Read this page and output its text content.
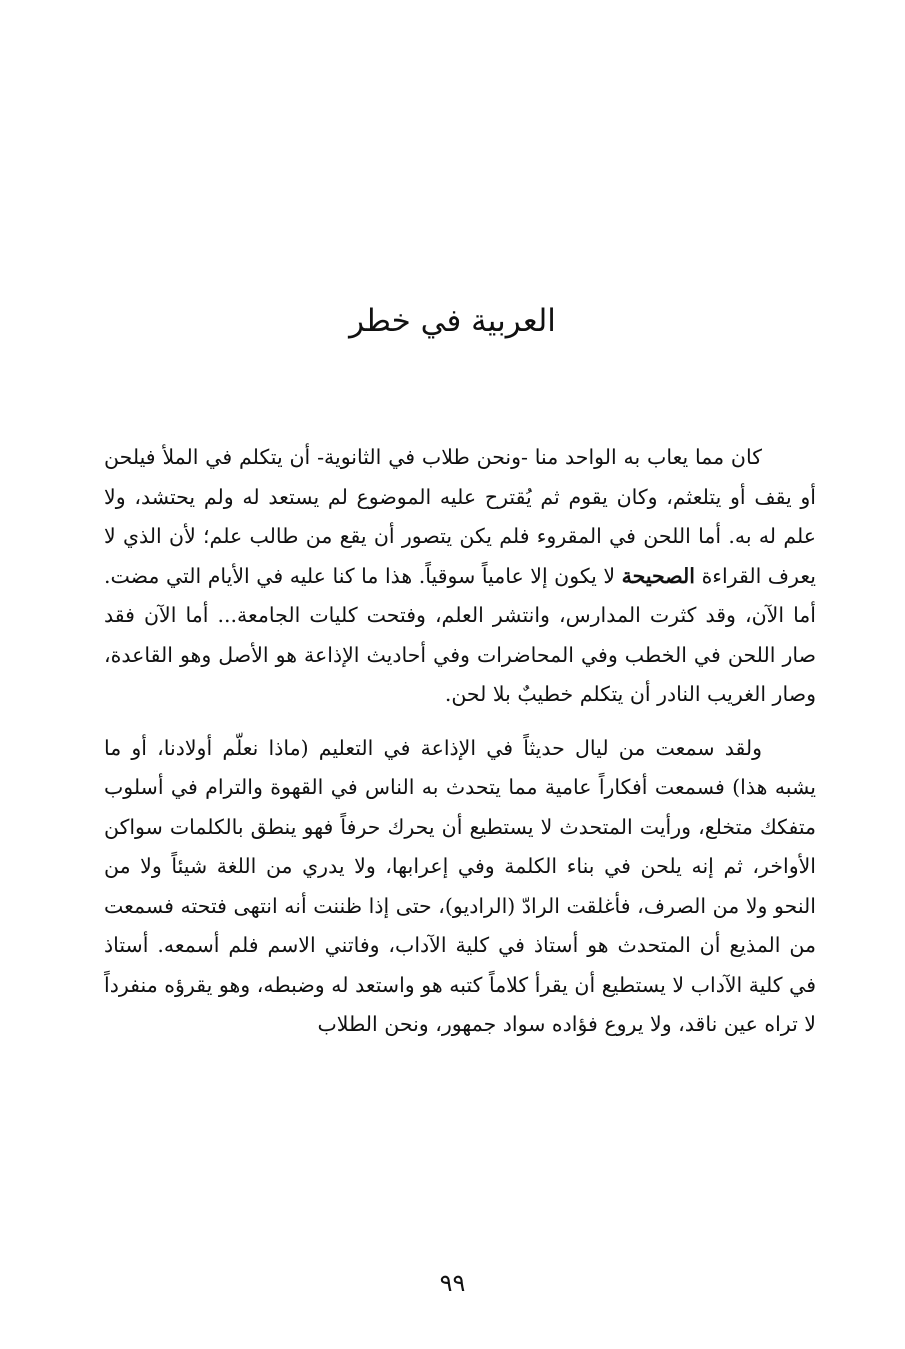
العربية في خطر

كان مما يعاب به الواحد منا -ونحن طلاب في الثانوية- أن يتكلم في الملأ فيلحن أو يقف أو يتلعثم، وكان يقوم ثم يُقترح عليه الموضوع لم يستعد له ولم يحتشد، ولا علم له به. أما اللحن في المقروء فلم يكن يتصور أن يقع من طالب علم؛ لأن الذي لا يعرف القراءة الصحيحة لا يكون إلا عامياً سوقياً. هذا ما كنا عليه في الأيام التي مضت. أما الآن، وقد كثرت المدارس، وانتشر العلم، وفتحت كليات الجامعة... أما الآن فقد صار اللحن في الخطب وفي المحاضرات وفي أحاديث الإذاعة هو الأصل وهو القاعدة، وصار الغريب النادر أن يتكلم خطيبٌ بلا لحن.

ولقد سمعت من ليال حديثاً في الإذاعة في التعليم (ماذا نعلّم أولادنا، أو ما يشبه هذا) فسمعت أفكاراً عامية مما يتحدث به الناس في القهوة والترام في أسلوب متفكك متخلع، ورأيت المتحدث لا يستطيع أن يحرك حرفاً فهو ينطق بالكلمات سواكن الأواخر، ثم إنه يلحن في بناء الكلمة وفي إعرابها، ولا يدري من اللغة شيئاً ولا من النحو ولا من الصرف، فأغلقت الرادّ (الراديو)، حتى إذا ظننت أنه انتهى فتحته فسمعت من المذيع أن المتحدث هو أستاذ في كلية الآداب، وفاتني الاسم فلم أسمعه. أستاذ في كلية الآداب لا يستطيع أن يقرأ كلاماً كتبه هو واستعد له وضبطه، وهو يقرؤه منفرداً لا تراه عين ناقد، ولا يروع فؤاده سواد جمهور، ونحن الطلاب

٩٩
